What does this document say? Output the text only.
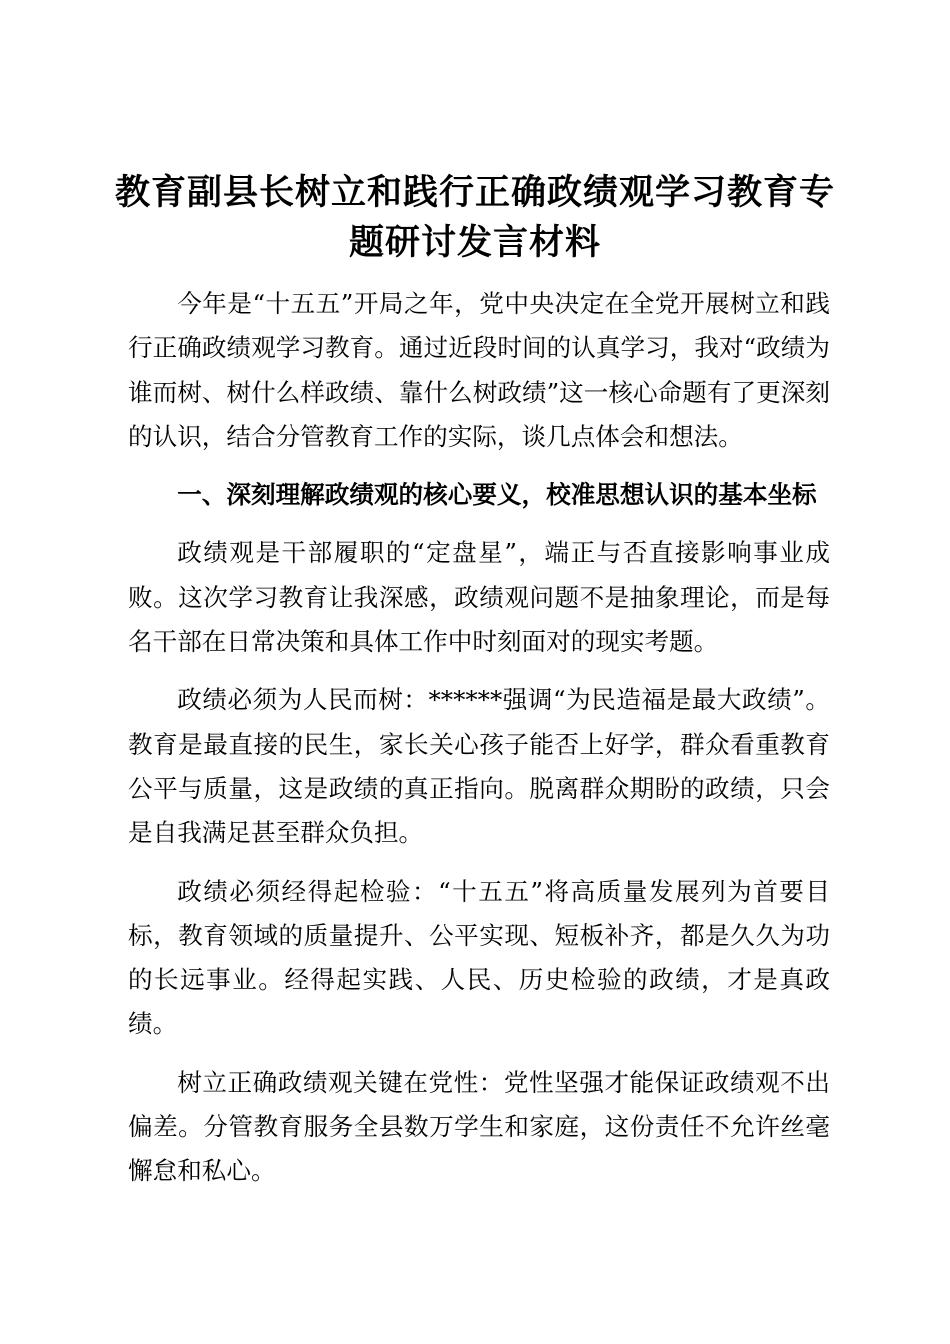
教育副县长树立和践行正确政绩观学习教育专题研讨发言材料

今年是“十五五”开局之年，党中央决定在全党开展树立和践行正确政绩观学习教育。通过近段时间的认真学习，我对“政绩为谁而树、树什么样政绩、靠什么树政绩”这一核心命题有了更深刻的认识，结合分管教育工作的实际，谈几点体会和想法。

一、深刻理解政绩观的核心要义，校准思想认识的基本坐标

政绩观是干部履职的“定盘星”，端正与否直接影响事业成败。这次学习教育让我深感，政绩观问题不是抽象理论，而是每名干部在日常决策和具体工作中时刻面对的现实考题。

政绩必须为人民而树：******强调“为民造福是最大政绩”。教育是最直接的民生，家长关心孩子能否上好学，群众看重教育公平与质量，这是政绩的真正指向。脱离群众期盼的政绩，只会是自我满足甚至群众负担。

政绩必须经得起检验：“十五五”将高质量发展列为首要目标，教育领域的质量提升、公平实现、短板补齐，都是久久为功的长远事业。经得起实践、人民、历史检验的政绩，才是真政绩。

树立正确政绩观关键在党性：党性坚强才能保证政绩观不出偏差。分管教育服务全县数万学生和家庭，这份责任不允许丝毫懈怠和私心。
